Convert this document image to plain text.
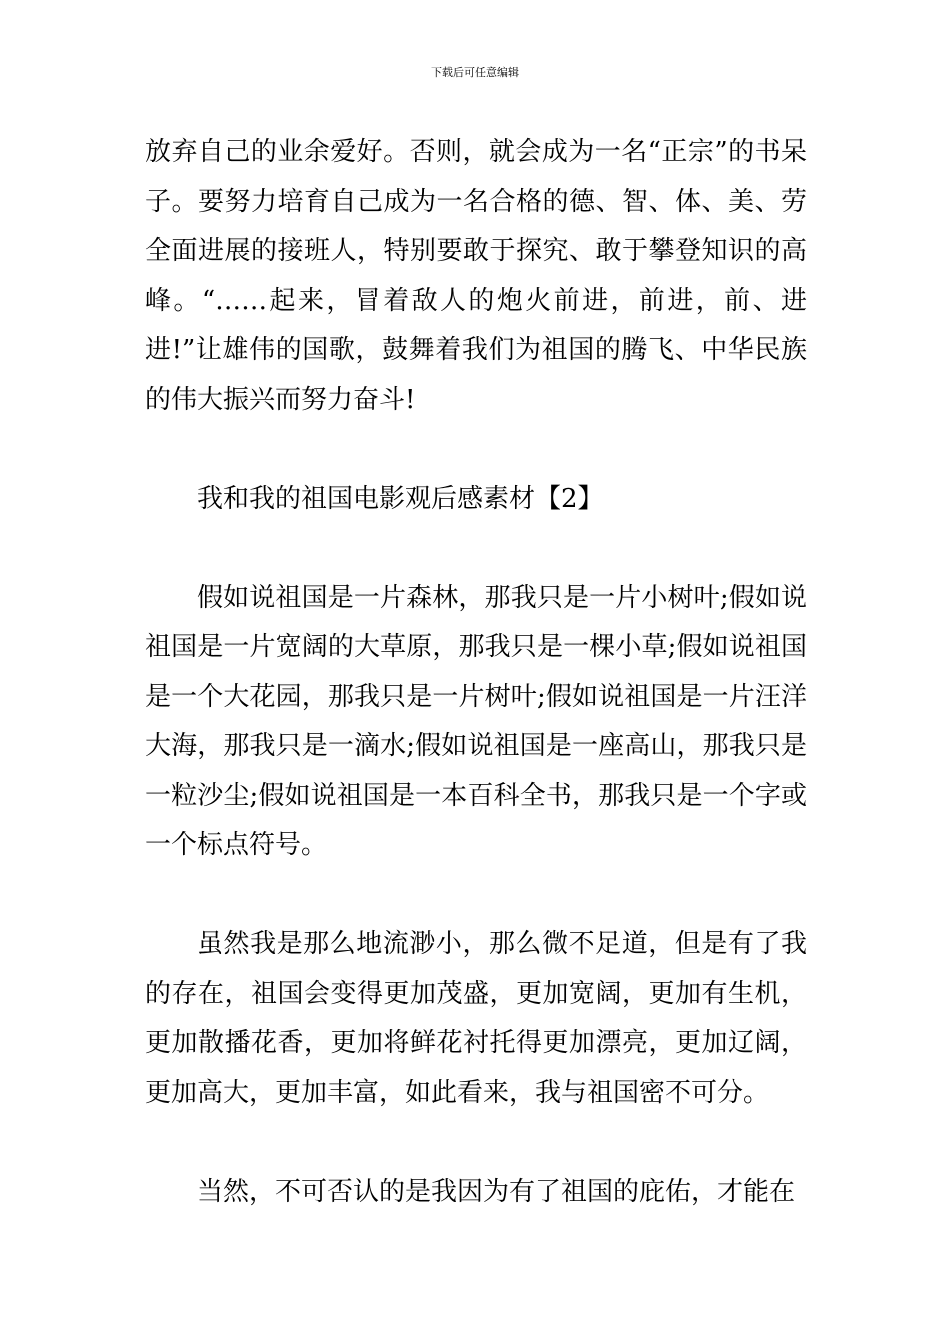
下载后可任意编辑

放弃自己的业余爱好。否则，就会成为一名“正宗”的书呆子。要努力培育自己成为一名合格的德、智、体、美、劳全面进展的接班人，特别要敢于探究、敢于攀登知识的高峰。“……起来，冒着敌人的炮火前进，前进，前、进进!”让雄伟的国歌，鼓舞着我们为祖国的腾飞、中华民族的伟大振兴而努力奋斗!

我和我的祖国电影观后感素材【2】

假如说祖国是一片森林，那我只是一片小树叶;假如说祖国是一片宽阔的大草原，那我只是一棵小草;假如说祖国是一个大花园，那我只是一片树叶;假如说祖国是一片汪洋大海，那我只是一滴水;假如说祖国是一座高山，那我只是一粒沙尘;假如说祖国是一本百科全书，那我只是一个字或一个标点符号。

虽然我是那么地流渺小，那么微不足道，但是有了我的存在，祖国会变得更加茂盛，更加宽阔，更加有生机，更加散播花香，更加将鲜花衬托得更加漂亮，更加辽阔，更加高大，更加丰富，如此看来，我与祖国密不可分。

当然，不可否认的是我因为有了祖国的庇佑，才能在
